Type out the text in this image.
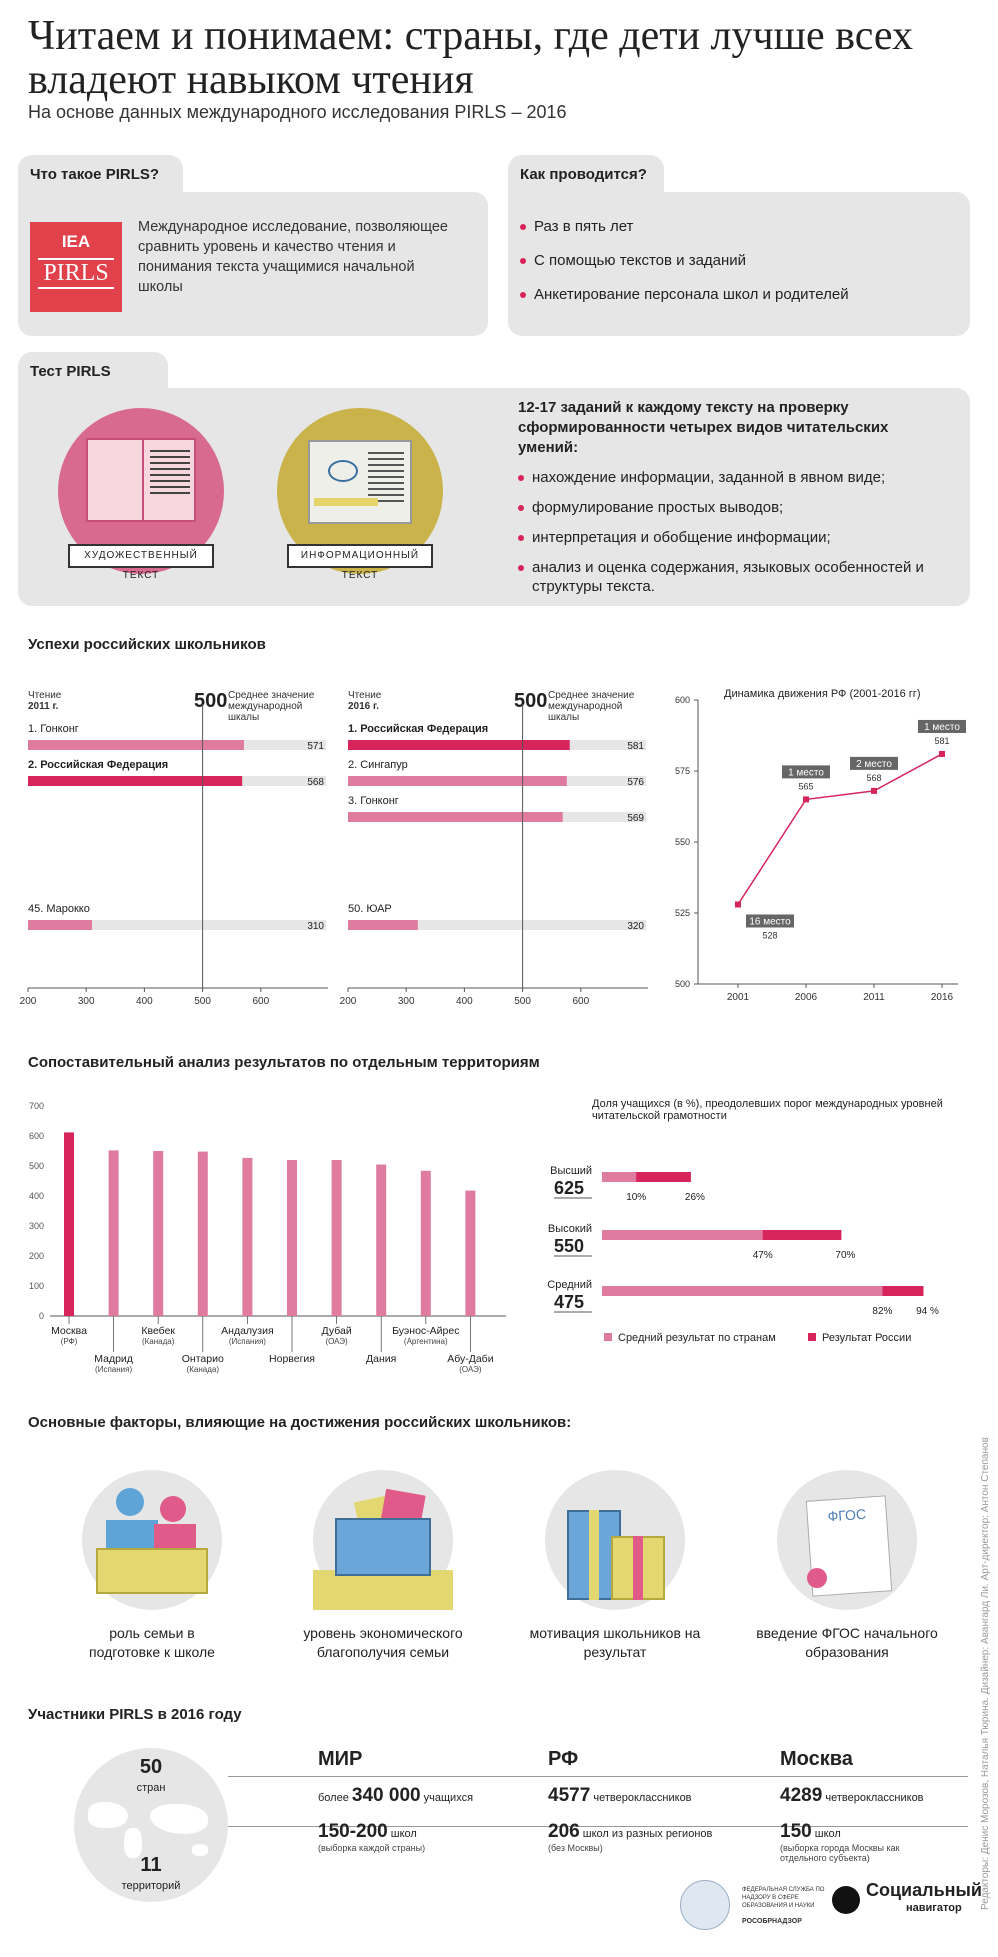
Читаем и понимаем: страны, где дети лучше всех владеют навыком чтения
На основе данных международного исследования PIRLS – 2016
Что такое PIRLS?
IEA
PIRLS
Международное исследование, позволяющее сравнить уровень и качество чтения и понимания текста учащимися начальной школы
Как проводится?
Раз в пять лет
С помощью текстов и заданий
Анкетирование персонала школ и родителей
Тест PIRLS
ХУДОЖЕСТВЕННЫЙ ТЕКСТ
ИНФОРМАЦИОННЫЙ ТЕКСТ
12-17 заданий к каждому тексту на проверку сформированности четырех видов читательских умений:
нахождение информации, заданной в явном виде;
формулирование простых выводов;
интерпретация и обобщение информации;
анализ и оценка содержания, языковых особенностей и структуры текста.
Успехи российских школьников
Чтение
2011 г.	500 Среднее значение международной шкалы
1. Гонконг
571
2. Российская Федерация
568
45. Марокко
310
200	300	400	500	600
Чтение
2016 г.	500 Среднее значение международной шкалы
1. Российская Федерация
581
2. Сингапур
576
3. Гонконг
569
50. ЮАР
320
200	300	400	500	600
Динамика движения РФ (2001-2016 гг)
500
525
550
575
600
2001	2006	2011	2016
16 место
528
1 место
565
2 место
568
1 место
581
Сопоставительный анализ результатов по отдельным территориям
0
100
200
300
400
500
600
700
Москва
(РФ)
Мадрид
(Испания)
Квебек
(Канада)
Онтарио
(Канада)
Андалузия
(Испания)
Норвегия
Дубай
(ОАЭ)
Дания
Буэнос-Айрес
(Аргентина)
Абу-Даби
(ОАЭ)
Доля учащихся (в %), преодолевших порог международных уровней читательской грамотности
Высший
625	10%	26%
Высокий
550	47%	70%
Средний
475	82% 94 %
Средний результат по странам	Результат России
Основные факторы, влияющие на достижения российских школьников:
ФГОС
роль семьи в подготовке к школе
уровень экономического благополучия семьи
мотивация школьников на результат
введение ФГОС начального образования
Участники PIRLS в 2016 году
50
стран
11
территорий
МИР
более 340 000 учащихся
150-200 школ
(выборка каждой страны)
РФ
4577 четвероклассников
206 школ из разных регионов
(без Москвы)
Москва
4289 четвероклассников
150 школ
(выборка города Москвы как отдельного субъекта)
ФЕДЕРАЛЬНАЯ СЛУЖБА ПО НАДЗОРУ В СФЕРЕ ОБРАЗОВАНИЯ И НАУКИ
РОСОБРНАДЗОР
Социальный
навигатор Редакторы: Денис Морозов, Наталья Тюрина. Дизайнер: Авангард Ли. Арт-директор: Антон Степанов
